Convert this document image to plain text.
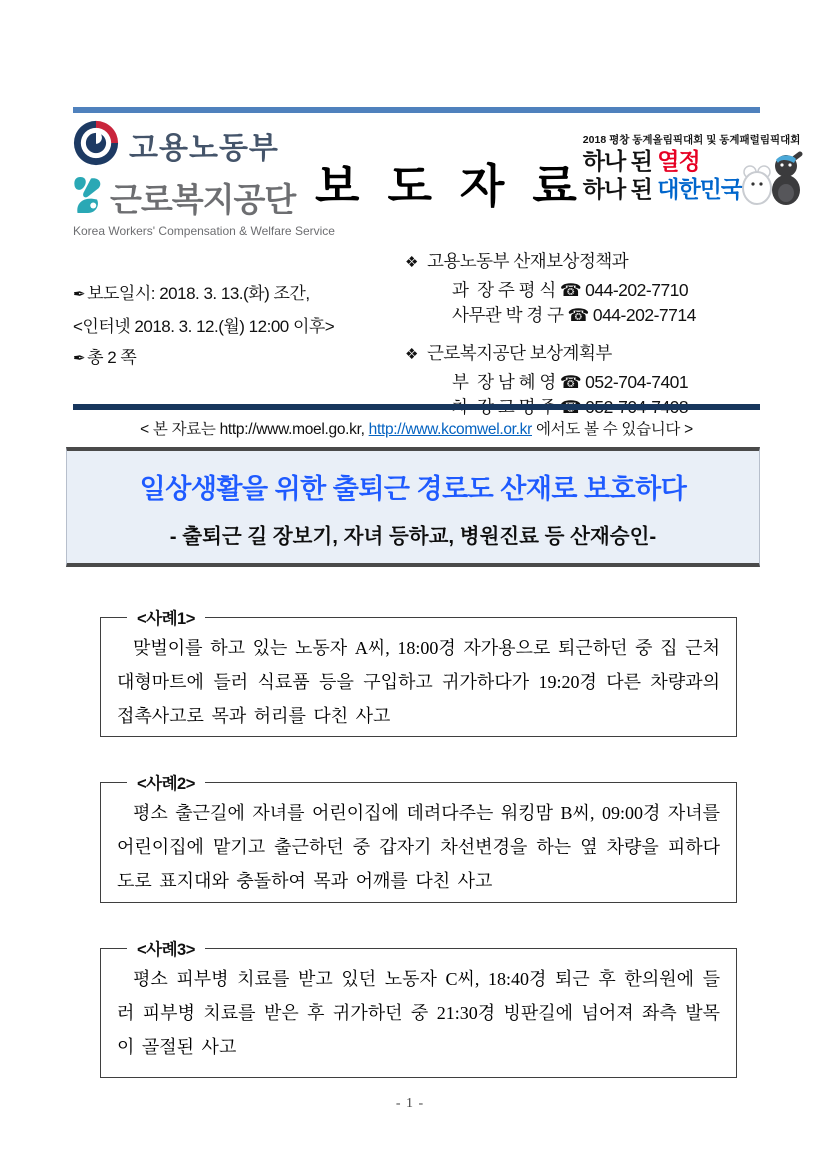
고용노동부
근로복지공단
Korea Workers' Compensation & Welfare Service
보 도 자 료
2018 평창 동계올림픽대회 및 동계패럴림픽대회
하나 된 열정
하나 된 대한민국
✒ 보도일시: 2018. 3. 13.(화) 조간,
<인터넷 2018. 3. 12.(월) 12:00 이후>
✒ 총 2 쪽
❖ 고용노동부 산재보상정책과
과  장 주 평 식 ☎ 044-202-7710
사무관 박 경 구 ☎ 044-202-7714
❖ 근로복지공단 보상계획부
부  장 남 혜 영 ☎ 052-704-7401
< 본 자료는 http://www.moel.go.kr, http://www.kcomwel.or.kr 에서도 볼 수 있습니다 >
일상생활을 위한 출퇴근 경로도 산재로 보호하다
- 출퇴근 길 장보기, 자녀 등하교, 병원진료 등 산재승인-
<사례1>
맞벌이를 하고 있는 노동자 A씨, 18:00경 자가용으로 퇴근하던 중 집 근처 대형마트에 들러 식료품 등을 구입하고 귀가하다가 19:20경 다른 차량과의 접촉사고로 목과 허리를 다친 사고
<사례2>
평소 출근길에 자녀를 어린이집에 데려다주는 워킹맘 B씨, 09:00경 자녀를 어린이집에 맡기고 출근하던 중 갑자기 차선변경을 하는 옆 차량을 피하다 도로 표지대와 충돌하여 목과 어깨를 다친 사고
<사례3>
평소 피부병 치료를 받고 있던 노동자 C씨, 18:40경 퇴근 후 한의원에 들러 피부병 치료를 받은 후 귀가하던 중 21:30경 빙판길에 넘어져 좌측 발목이 골절된 사고
- 1 -
